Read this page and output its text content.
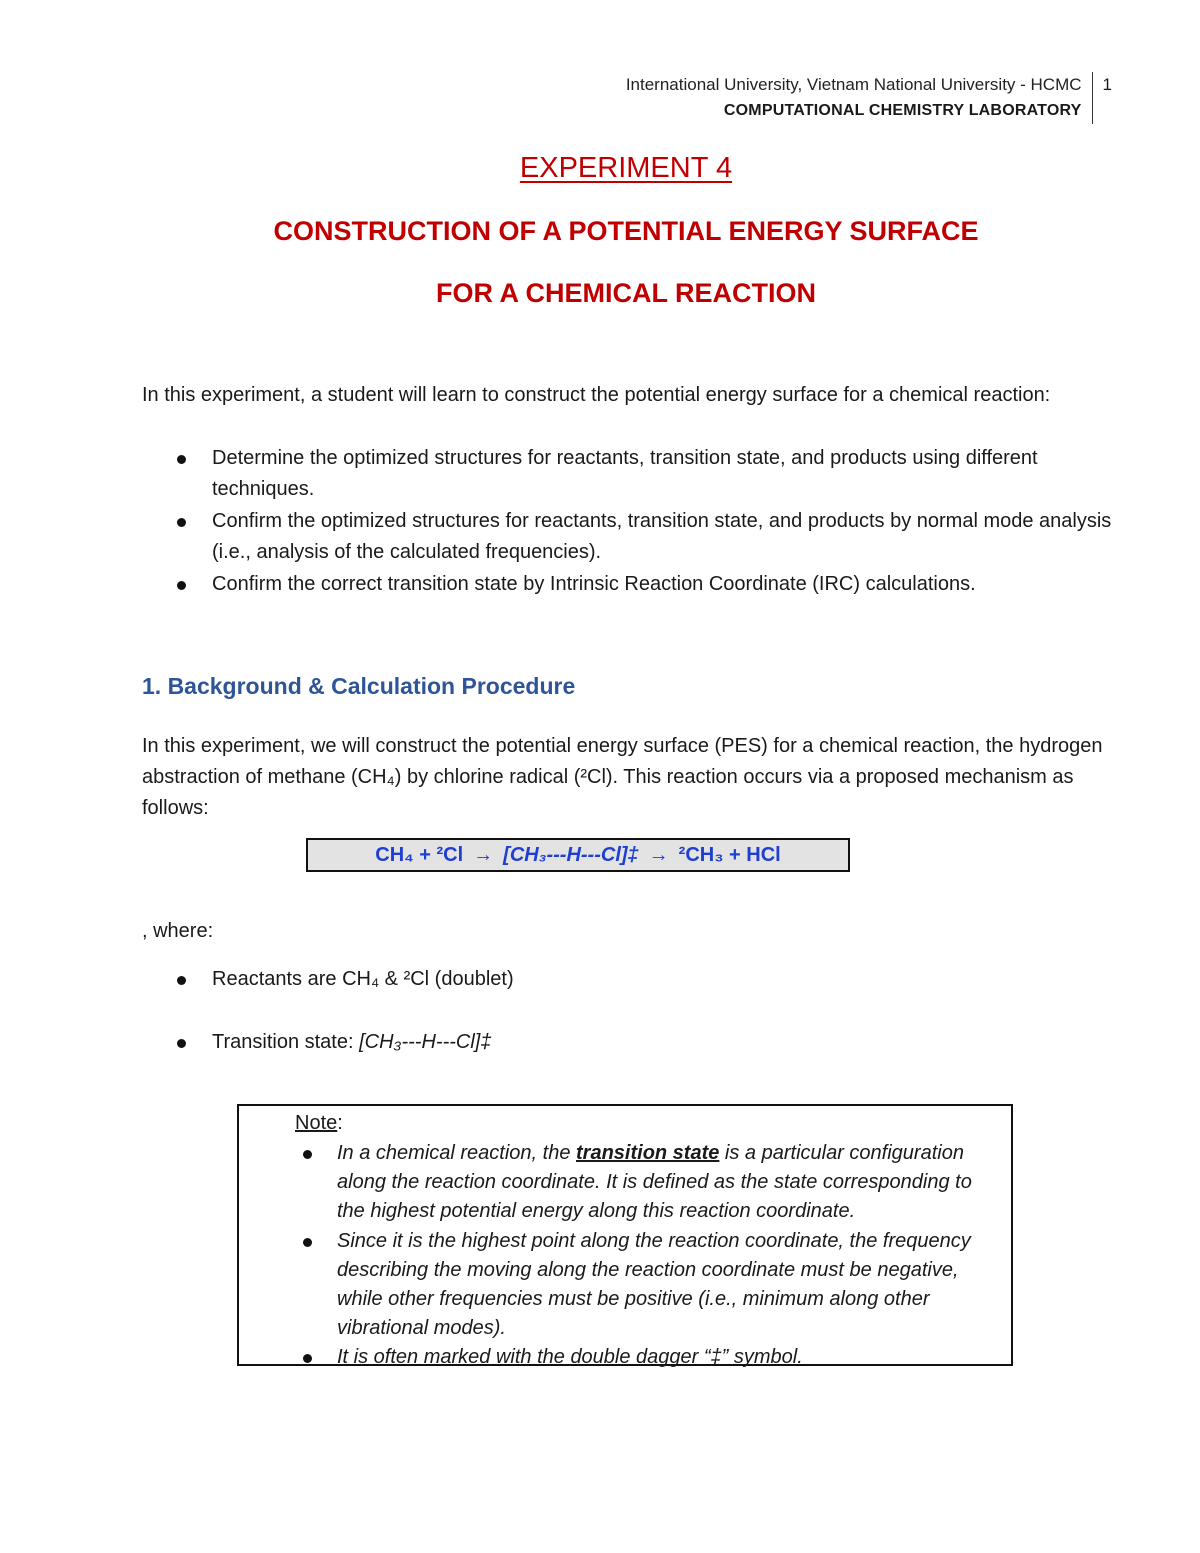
International University, Vietnam National University - HCMC
COMPUTATIONAL CHEMISTRY LABORATORY
1
EXPERIMENT 4
CONSTRUCTION OF A POTENTIAL ENERGY SURFACE
FOR A CHEMICAL REACTION
In this experiment, a student will learn to construct the potential energy surface for a chemical reaction:
Determine the optimized structures for reactants, transition state, and products using different techniques.
Confirm the optimized structures for reactants, transition state, and products by normal mode analysis (i.e., analysis of the calculated frequencies).
Confirm the correct transition state by Intrinsic Reaction Coordinate (IRC) calculations.
1. Background & Calculation Procedure
In this experiment, we will construct the potential energy surface (PES) for a chemical reaction, the hydrogen abstraction of methane (CH₄) by chlorine radical (²Cl). This reaction occurs via a proposed mechanism as follows:
CH₄ + ²Cl → [CH₃---H---Cl]‡ → ²CH₃ + HCl
, where:
Reactants are CH₄ & ²Cl (doublet)
Transition state: [CH₃---H---Cl]‡
Note:
In a chemical reaction, the transition state is a particular configuration along the reaction coordinate. It is defined as the state corresponding to the highest potential energy along this reaction coordinate.
Since it is the highest point along the reaction coordinate, the frequency describing the moving along the reaction coordinate must be negative, while other frequencies must be positive (i.e., minimum along other vibrational modes).
It is often marked with the double dagger “‡” symbol.
